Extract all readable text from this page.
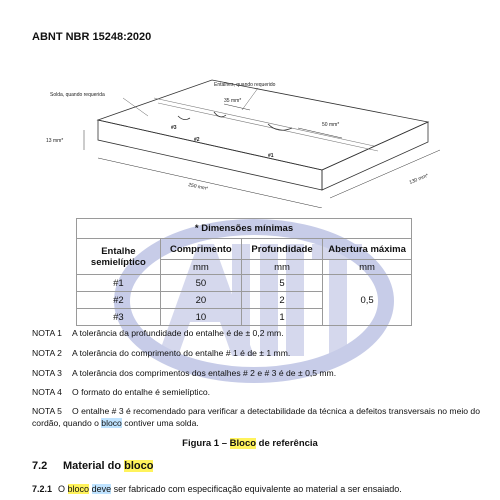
ABNT NBR 15248:2020
Entalhes, quando requerido
Solda, quando requerida
35 mm*
50 mm*
13 mm*
130 mm*
250 mm*
#3
#2
#1
* Dimensões mínimas			

Entalhe
semielíptico	Comprimento	Profundidade	Abertura máxima
	mm	mm	mm
#1	50	5	0,5
#2	20	2	
#3	10	1	
NOTA 1 A tolerância da profundidade do entalhe é de ± 0,2 mm.
NOTA 2 A tolerância do comprimento do entalhe # 1 é de ± 1 mm.
NOTA 3 A tolerância dos comprimentos dos entalhes # 2 e # 3 é de ± 0,5 mm.
NOTA 4 O formato do entalhe é semielíptico.
NOTA 5 O entalhe # 3 é recomendado para verificar a detectabilidade da técnica a defeitos transversais no meio do cordão, quando o bloco contiver uma solda.
Figura 1 – Bloco de referência
7.2 Material do bloco
7.2.1 O bloco deve ser fabricado com especificação equivalente ao material a ser ensaiado.
